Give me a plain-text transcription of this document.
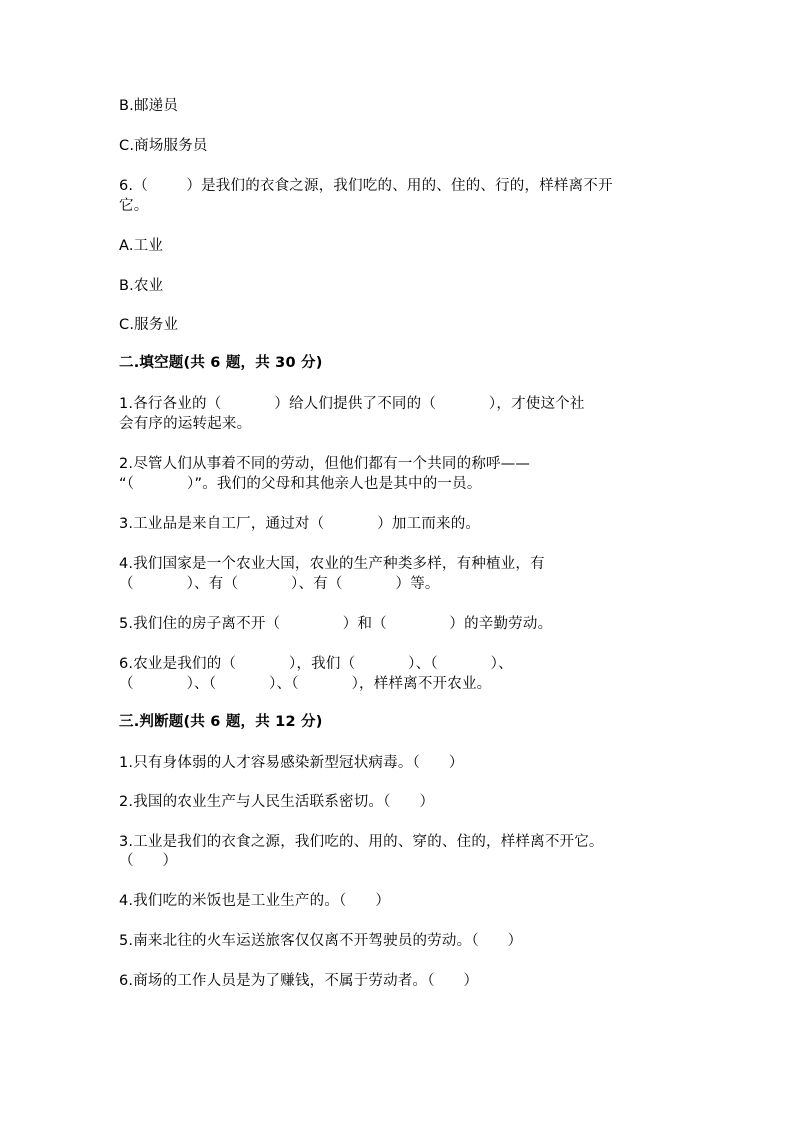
B.邮递员
C.商场服务员
6.（        ）是我们的衣食之源，我们吃的、用的、住的、行的，样样离不开
它。
A.工业
B.农业
C.服务业
二.填空题(共 6 题，共 30 分)
1.各行各业的（           ）给人们提供了不同的（           ），才使这个社
会有序的运转起来。
2.尽管人们从事着不同的劳动，但他们都有一个共同的称呼——
“（           ）”。我们的父母和其他亲人也是其中的一员。
3.工业品是来自工厂，通过对（           ）加工而来的。
4.我们国家是一个农业大国，农业的生产种类多样，有种植业，有
（           ）、有（           ）、有（           ）等。
5.我们住的房子离不开（             ）和（             ）的辛勤劳动。
6.农业是我们的（           ），我们（           ）、（           ）、
（           ）、（           ）、（           ），样样离不开农业。
三.判断题(共 6 题，共 12 分)
1.只有身体弱的人才容易感染新型冠状病毒。（      ）
2.我国的农业生产与人民生活联系密切。（      ）
3.工业是我们的衣食之源，我们吃的、用的、穿的、住的，样样离不开它。
（      ）
4.我们吃的米饭也是工业生产的。（      ）
5.南来北往的火车运送旅客仅仅离不开驾驶员的劳动。（      ）
6.商场的工作人员是为了赚钱，不属于劳动者。（      ）
